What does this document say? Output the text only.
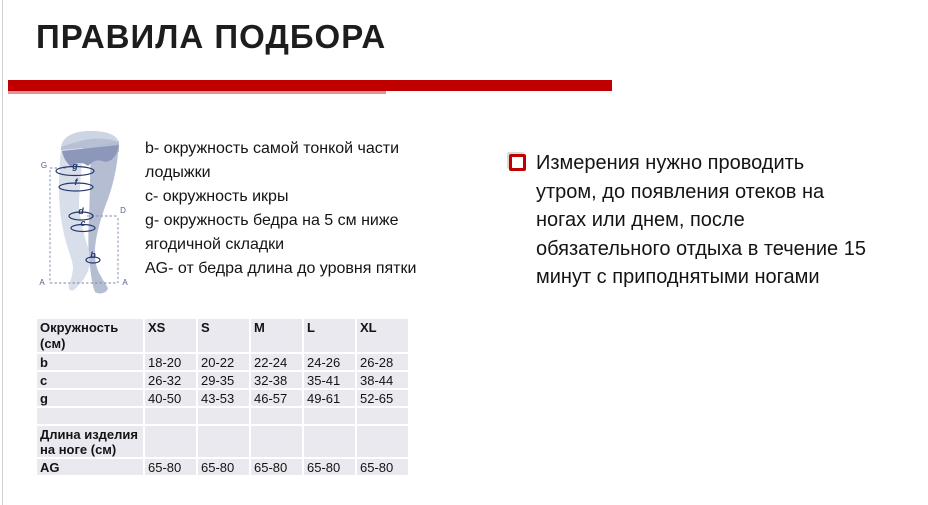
ПРАВИЛА ПОДБОРА
g
f
d
c
b
G
D
A	A
b- окружность самой тонкой части лодыжки
c- окружность икры
g- окружность бедра на 5 см ниже ягодичной складки
AG- от бедра длина до уровня пятки
Измерения нужно проводить
утром, до появления отеков на
ногах или днем, после
обязательного отдыха в течение 15
минут с приподнятыми ногами
Окружность (см)	XS	S	M	L	XL
b	18-20	20-22	22-24	24-26	26-28
c	26-32	29-35	32-38	35-41	38-44
g	40-50	43-53	46-57	49-61	52-65

Длина изделия на ноге (см)					
AG	65-80	65-80	65-80	65-80	65-80
